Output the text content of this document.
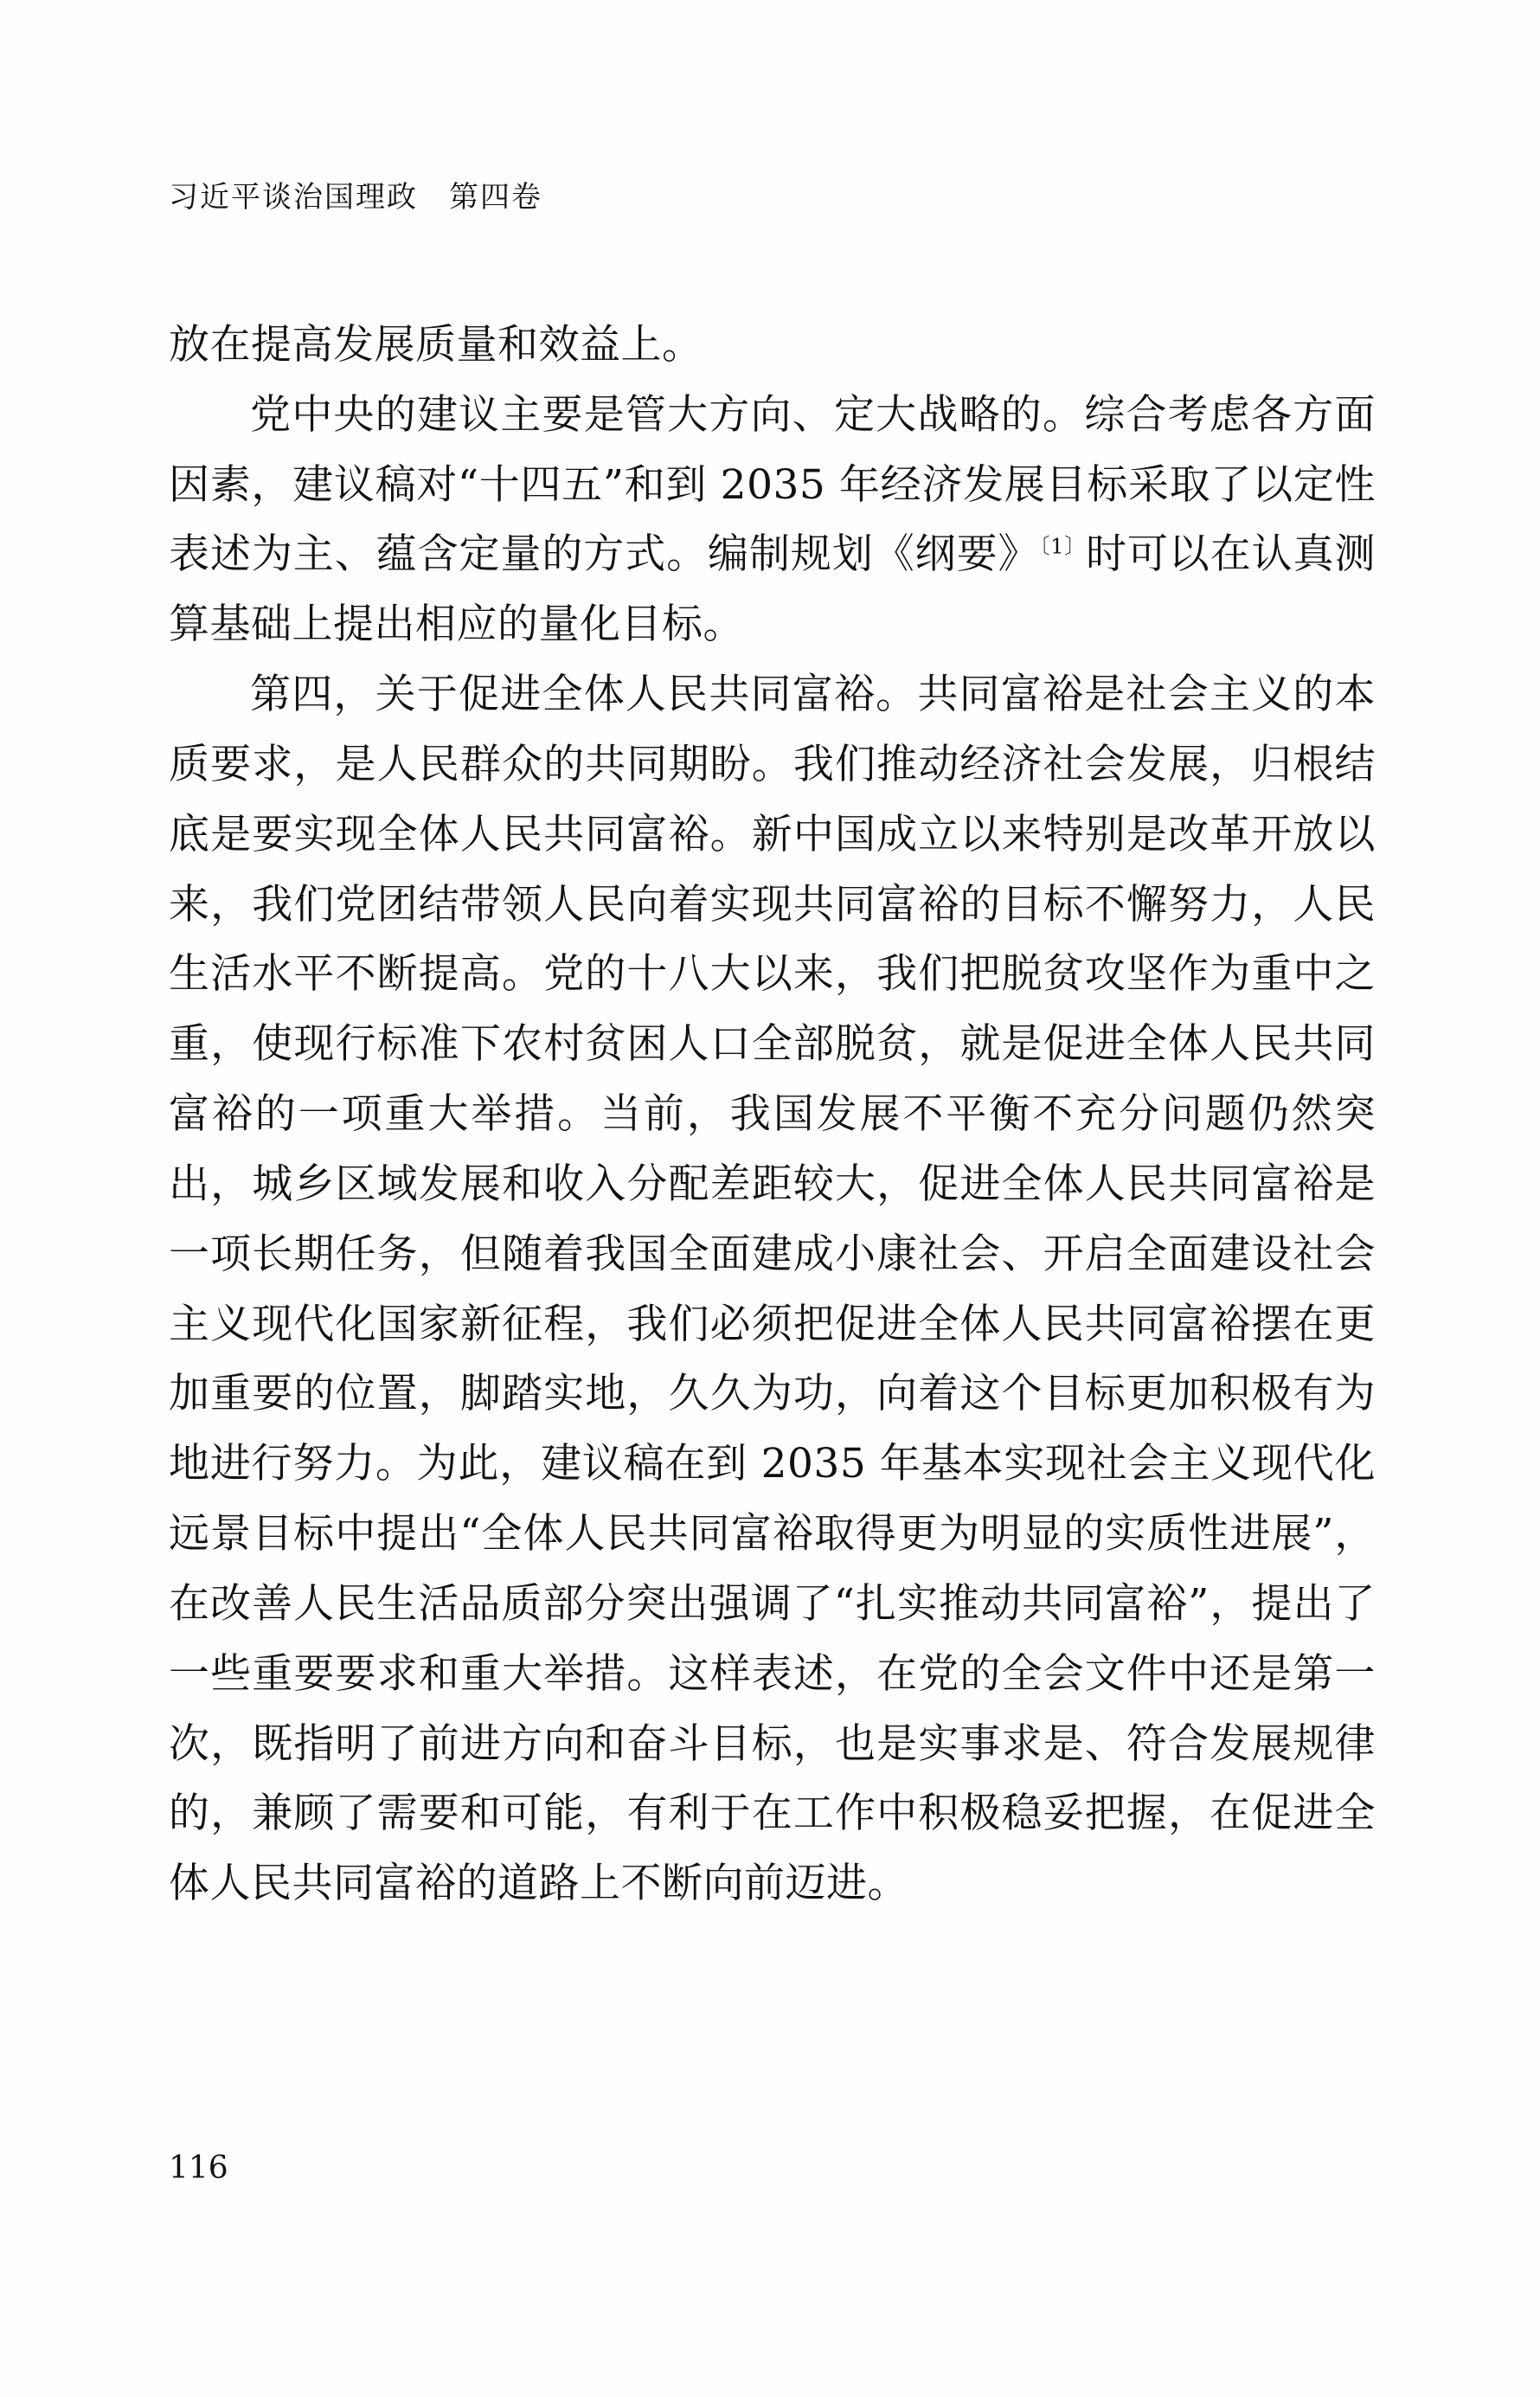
习近平谈治国理政　第四卷

放在提高发展质量和效益上。

党中央的建议主要是管大方向、定大战略的。综合考虑各方面因素，建议稿对“十四五”和到 2035 年经济发展目标采取了以定性表述为主、蕴含定量的方式。编制规划《纲要》$^{〔1〕}$时可以在认真测算基础上提出相应的量化目标。

第四，关于促进全体人民共同富裕。共同富裕是社会主义的本质要求，是人民群众的共同期盼。我们推动经济社会发展，归根结底是要实现全体人民共同富裕。新中国成立以来特别是改革开放以来，我们党团结带领人民向着实现共同富裕的目标不懈努力，人民生活水平不断提高。党的十八大以来，我们把脱贫攻坚作为重中之重，使现行标准下农村贫困人口全部脱贫，就是促进全体人民共同富裕的一项重大举措。当前，我国发展不平衡不充分问题仍然突出，城乡区域发展和收入分配差距较大，促进全体人民共同富裕是一项长期任务，但随着我国全面建成小康社会、开启全面建设社会主义现代化国家新征程，我们必须把促进全体人民共同富裕摆在更加重要的位置，脚踏实地，久久为功，向着这个目标更加积极有为地进行努力。为此，建议稿在到 2035 年基本实现社会主义现代化远景目标中提出“全体人民共同富裕取得更为明显的实质性进展”，在改善人民生活品质部分突出强调了“扎实推动共同富裕”，提出了一些重要要求和重大举措。这样表述，在党的全会文件中还是第一次，既指明了前进方向和奋斗目标，也是实事求是、符合发展规律的，兼顾了需要和可能，有利于在工作中积极稳妥把握，在促进全体人民共同富裕的道路上不断向前迈进。

116
